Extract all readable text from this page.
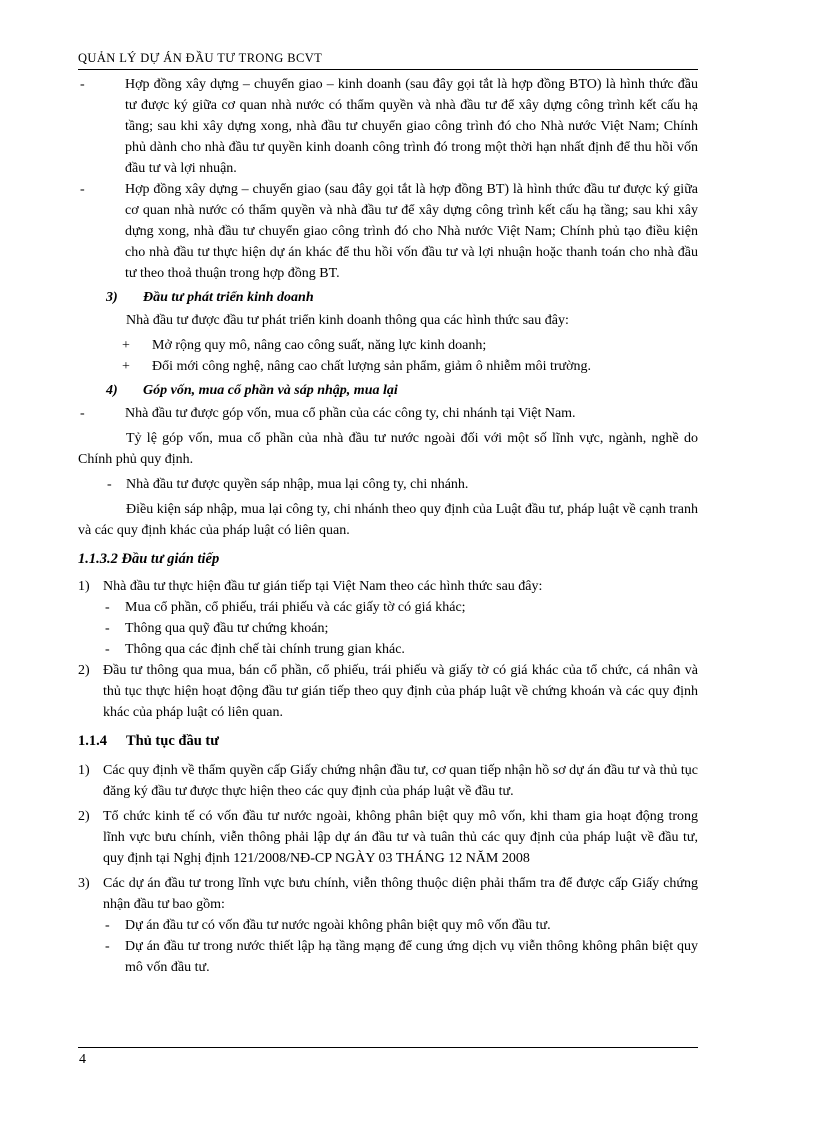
QUẢN LÝ DỰ ÁN ĐẦU TƯ TRONG BCVT
-	Hợp đồng xây dựng – chuyển giao – kinh doanh (sau đây gọi tắt là hợp đồng BTO) là hình thức đầu tư được ký giữa cơ quan nhà nước có thẩm quyền và nhà đầu tư để xây dựng công trình kết cấu hạ tầng; sau khi xây dựng xong, nhà đầu tư chuyển giao công trình đó cho Nhà nước Việt Nam; Chính phủ dành cho nhà đầu tư quyền kinh doanh công trình đó trong một thời hạn nhất định để thu hồi vốn đầu tư và lợi nhuận.
-	Hợp đồng xây dựng – chuyển giao (sau đây gọi tắt là hợp đồng BT) là hình thức đầu tư được ký giữa cơ quan nhà nước có thẩm quyền và nhà đầu tư để xây dựng công trình kết cấu hạ tầng; sau khi xây dựng xong, nhà đầu tư chuyển giao công trình đó cho Nhà nước Việt Nam; Chính phủ tạo điều kiện cho nhà đầu tư thực hiện dự án khác để thu hồi vốn đầu tư và lợi nhuận hoặc thanh toán cho nhà đầu tư theo thoả thuận trong hợp đồng BT.
3)	Đầu tư phát triển kinh doanh
Nhà đầu tư được đầu tư phát triển kinh doanh thông qua các hình thức sau đây:
+	Mở rộng quy mô, nâng cao công suất, năng lực kinh doanh;
+	Đổi mới công nghệ, nâng cao chất lượng sản phẩm, giảm ô nhiễm môi trường.
4)	Góp vốn, mua cổ phần và sáp nhập, mua lại
-	Nhà đầu tư được góp vốn, mua cổ phần của các công ty, chi nhánh tại Việt Nam.
Tỷ lệ góp vốn, mua cổ phần của nhà đầu tư nước ngoài đối với một số lĩnh vực, ngành, nghề do Chính phủ quy định.
-	Nhà đầu tư được quyền sáp nhập, mua lại công ty, chi nhánh.
Điều kiện sáp nhập, mua lại công ty, chi nhánh theo quy định của Luật đầu tư, pháp luật về cạnh tranh và các quy định khác của pháp luật có liên quan.
1.1.3.2 Đầu tư gián tiếp
1) Nhà đầu tư thực hiện đầu tư gián tiếp tại Việt Nam theo các hình thức sau đây:
-	Mua cổ phần, cổ phiếu, trái phiếu và các giấy tờ có giá khác;
-	Thông qua quỹ đầu tư chứng khoán;
-	Thông qua các định chế tài chính trung gian khác.
2) Đầu tư thông qua mua, bán cổ phần, cổ phiếu, trái phiếu và giấy tờ có giá khác của tổ chức, cá nhân và thủ tục thực hiện hoạt động đầu tư gián tiếp theo quy định của pháp luật về chứng khoán và các quy định khác của pháp luật có liên quan.
1.1.4	Thủ tục đầu tư
1) Các quy định về thẩm quyền cấp Giấy chứng nhận đầu tư, cơ quan tiếp nhận hồ sơ dự án đầu tư và thủ tục đăng ký đầu tư được thực hiện theo các quy định của pháp luật về đầu tư.
2) Tổ chức kinh tế có vốn đầu tư nước ngoài, không phân biệt quy mô vốn, khi tham gia hoạt động trong lĩnh vực bưu chính, viễn thông phải lập dự án đầu tư và tuân thủ các quy định của pháp luật về đầu tư, quy định tại Nghị định 121/2008/NĐ-CP NGÀY 03 THÁNG 12 NĂM 2008
3) Các dự án đầu tư trong lĩnh vực bưu chính, viễn thông thuộc diện phải thẩm tra để được cấp Giấy chứng nhận đầu tư bao gồm:
-	Dự án đầu tư có vốn đầu tư nước ngoài không phân biệt quy mô vốn đầu tư.
-	Dự án đầu tư trong nước thiết lập hạ tầng mạng để cung ứng dịch vụ viễn thông không phân biệt quy mô vốn đầu tư.
4
